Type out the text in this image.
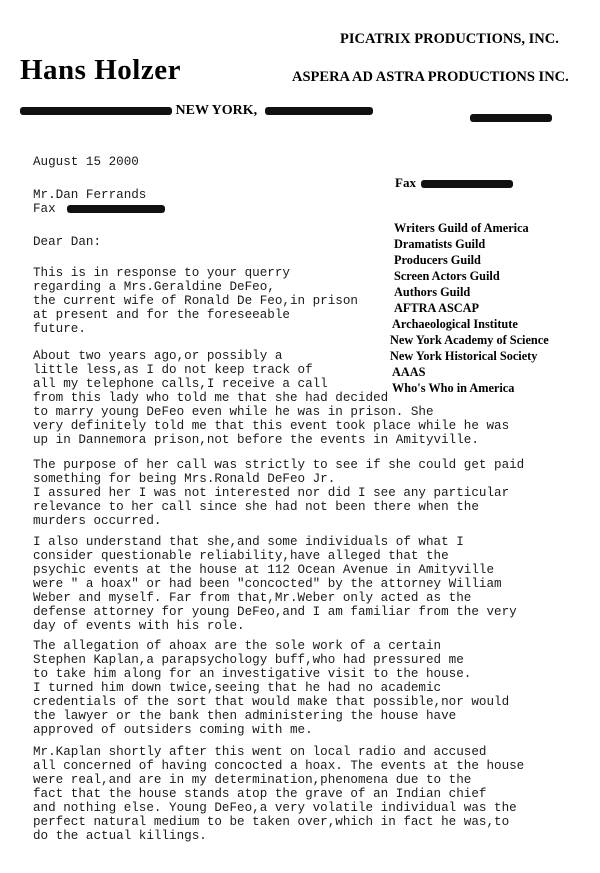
Hans Holzer
PICATRIX PRODUCTIONS, INC.
ASPERA AD ASTRA PRODUCTIONS INC.
NEW YORK,
August 15 2000
Fax
Mr.Dan Ferrands
Fax
Dear Dan:
Writers Guild of America
Dramatists Guild
Producers Guild
Screen Actors Guild
Authors Guild
AFTRA ASCAP
Archaeological Institute
New York Academy of Science
New York Historical Society
AAAS
Who's Who in America
This is in response to your querry
regarding a Mrs.Geraldine DeFeo,
the current wife of Ronald De Feo,in prison
at present and for the foreseeable
future.
About two years ago,or possibly a
little less,as I do not keep track of
all my telephone calls,I receive a call
from this lady who told me that she had decided
to marry young DeFeo even while he was in prison. She
very definitely told me that this event took place while he was
up in Dannemora prison,not before the events in Amityville.
The purpose of her call was strictly to see if she could get paid
something for being Mrs.Ronald DeFeo Jr.
I assured her I was not interested nor did I see any particular
relevance to her call since she had not been there when the
murders occurred.
I also understand that she,and some individuals of what I
consider questionable reliability,have alleged that the
psychic events at the house at 112 Ocean Avenue in Amityville
were " a hoax" or had been "concocted" by the attorney William
Weber and myself. Far from that,Mr.Weber only acted as the
defense attorney for young DeFeo,and I am familiar from the very
day of events with his role.
The allegation of ahoax are the sole work of a certain
Stephen Kaplan,a parapsychology buff,who had pressured me
to take him along for an investigative visit to the house.
I turned him down twice,seeing that he had no academic
credentials of the sort that would make that possible,nor would
the lawyer or the bank then administering the house have
approved of outsiders coming with me.
Mr.Kaplan shortly after this went on local radio and accused
all concerned of having concocted a hoax. The events at the house
were real,and are in my determination,phenomena due to the
fact that the house stands atop the grave of an Indian chief
and nothing else. Young DeFeo,a very volatile individual was the
perfect natural medium to be taken over,which in fact he was,to
do the actual killings.
